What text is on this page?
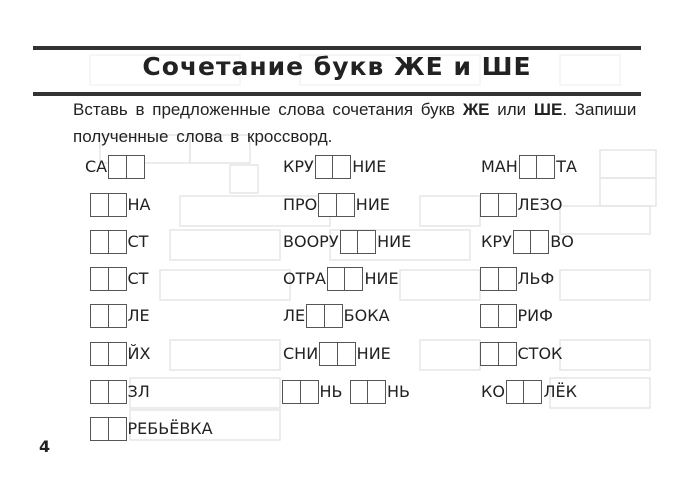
Сочетание букв ЖЕ и ШЕ
Вставь в предложенные слова сочетания букв ЖЕ или ШЕ. Запиши полученные слова в кроссворд.
СА
НА
СТ
СТ
ЛЕ
ЙХ
ЗЛ
РЕБЬЁВКА
КРУ НИЕ
ПРО НИЕ
ВООРУ НИЕ
ОТРА НИЕ
ЛЕ БОКА
СНИ НИЕ
НЬ	НЬ
МАН ТА
ЛЕЗО
КРУ ВО
ЛЬФ
РИФ
СТОК
КО ЛЁК
4
